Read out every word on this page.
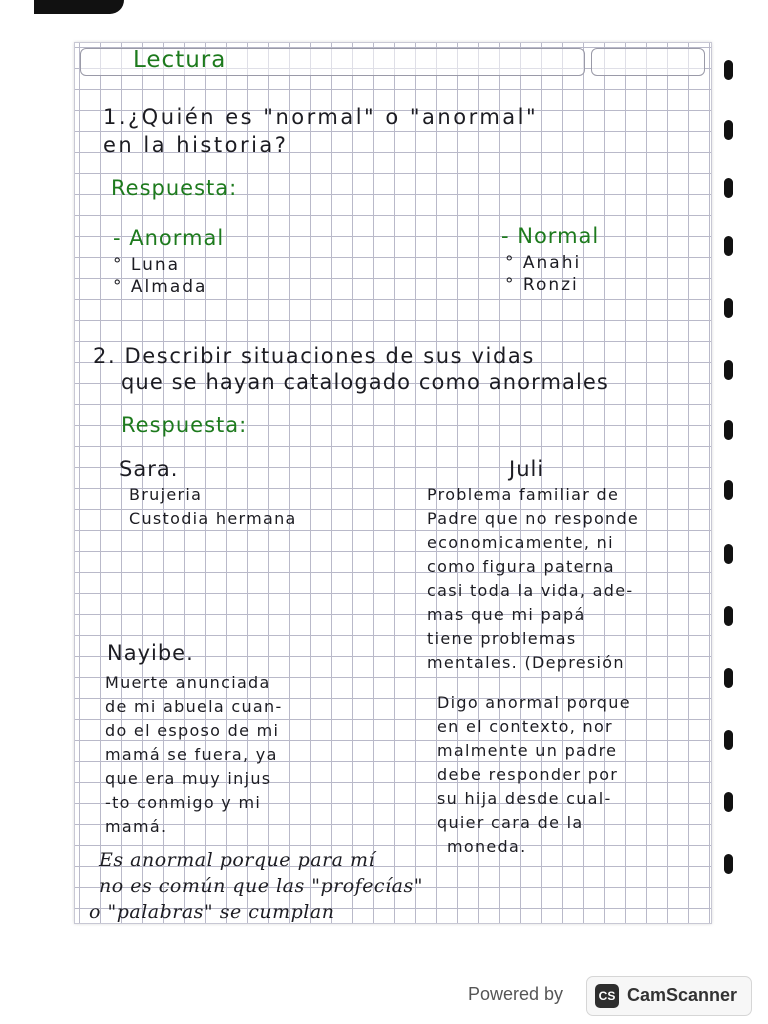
Lectura
1.¿Quién es "normal" o "anormal"
en la historia?
Respuesta:
- Anormal
° Luna
° Almada
- Normal
° Anahi
° Ronzi
2. Describir situaciones de sus vidas
que se hayan catalogado como anormales
Respuesta:
Sara.
Brujeria
Custodia hermana
Juli
Problema familiar de
Padre que no responde
economicamente, ni
como figura paterna
casi toda la vida, ade-
mas que mi papá
tiene problemas
mentales. (Depresión
Nayibe.
Muerte anunciada
de mi abuela cuan-
do el esposo de mi
mamá se fuera, ya
que era muy injus
-to conmigo y mi
mamá.
Digo anormal porque
en el contexto, nor
malmente un padre
debe responder por
su hija desde cual-
quier cara de la
moneda.
Es anormal porque para mí
no es común que las "profecías"
o "palabras" se cumplan
Powered by	CS CamScanner
